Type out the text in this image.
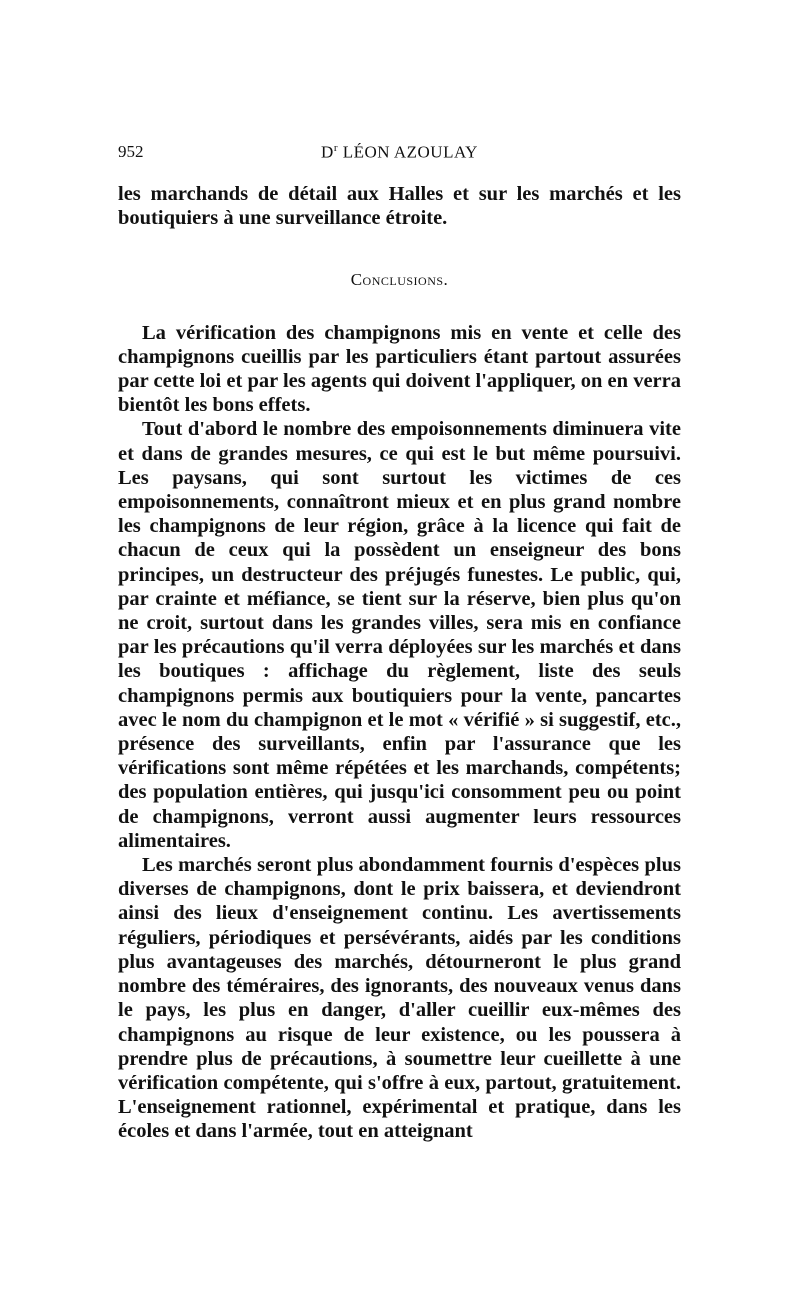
952	$D^r$ LÉON AZOULAY

les marchands de détail aux Halles et sur les marchés et les boutiquiers à une surveillance étroite.

Conclusions.

La vérification des champignons mis en vente et celle des champignons cueillis par les particuliers étant partout assurées par cette loi et par les agents qui doivent l'appliquer, on en verra bientôt les bons effets.

Tout d'abord le nombre des empoisonnements diminuera vite et dans de grandes mesures, ce qui est le but même poursuivi. Les paysans, qui sont surtout les victimes de ces empoisonnements, connaîtront mieux et en plus grand nombre les champignons de leur région, grâce à la licence qui fait de chacun de ceux qui la possèdent un enseigneur des bons principes, un destructeur des préjugés funestes. Le public, qui, par crainte et méfiance, se tient sur la réserve, bien plus qu'on ne croit, surtout dans les grandes villes, sera mis en confiance par les précautions qu'il verra déployées sur les marchés et dans les boutiques : affichage du règlement, liste des seuls champignons permis aux boutiquiers pour la vente, pancartes avec le nom du champignon et le mot « vérifié » si suggestif, etc., présence des surveillants, enfin par l'assurance que les vérifications sont même répétées et les marchands, compétents; des population entières, qui jusqu'ici consomment peu ou point de champignons, verront aussi augmenter leurs ressources alimentaires.

Les marchés seront plus abondamment fournis d'espèces plus diverses de champignons, dont le prix baissera, et deviendront ainsi des lieux d'enseignement continu. Les avertissements réguliers, périodiques et persévérants, aidés par les conditions plus avantageuses des marchés, détourneront le plus grand nombre des téméraires, des ignorants, des nouveaux venus dans le pays, les plus en danger, d'aller cueillir eux-mêmes des champignons au risque de leur existence, ou les poussera à prendre plus de précautions, à soumettre leur cueillette à une vérification compétente, qui s'offre à eux, partout, gratuitement. L'enseignement rationnel, expérimental et pratique, dans les écoles et dans l'armée, tout en atteignant
